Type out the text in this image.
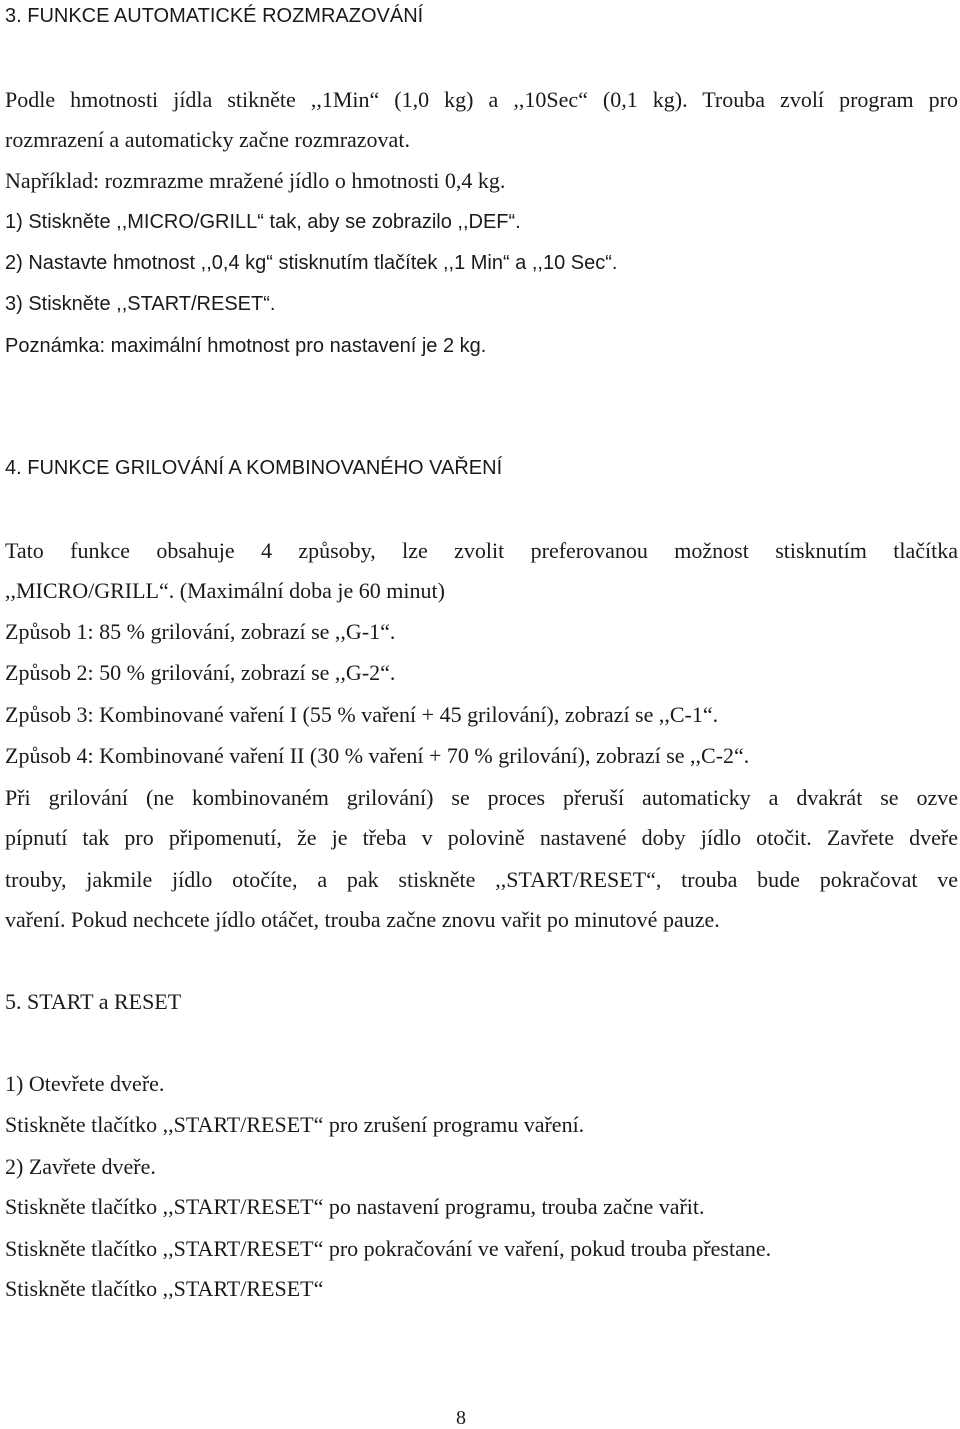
3. FUNKCE AUTOMATICKÉ ROZMRAZOVÁNÍ
Podle hmotnosti jídla stikněte ,,1Min“ (1,0 kg) a ,,10Sec“ (0,1 kg). Trouba zvolí program pro
rozmrazení a automaticky začne rozmrazovat.
Například: rozmrazme mražené jídlo o hmotnosti 0,4 kg.
1) Stiskněte ,,MICRO/GRILL“ tak, aby se zobrazilo ,,DEF“.
2) Nastavte hmotnost ,,0,4 kg“ stisknutím tlačítek ,,1 Min“ a ,,10 Sec“.
3) Stiskněte ,,START/RESET“.
Poznámka: maximální hmotnost pro nastavení je 2 kg.
4. FUNKCE GRILOVÁNÍ A KOMBINOVANÉHO VAŘENÍ
Tato funkce obsahuje 4 způsoby, lze zvolit preferovanou možnost stisknutím tlačítka
,,MICRO/GRILL“. (Maximální doba je 60 minut)
Způsob 1: 85 % grilování, zobrazí se ,,G-1“.
Způsob 2: 50 % grilování, zobrazí se ,,G-2“.
Způsob 3: Kombinované vaření I (55 % vaření + 45 grilování), zobrazí se ,,C-1“.
Způsob 4: Kombinované vaření II (30 % vaření + 70 % grilování), zobrazí se ,,C-2“.
Při grilování (ne kombinovaném grilování) se proces přeruší automaticky a dvakrát se ozve
pípnutí tak pro připomenutí, že je třeba v polovině nastavené doby jídlo otočit. Zavřete dveře
trouby, jakmile jídlo otočíte, a pak stiskněte ,,START/RESET“, trouba bude pokračovat ve
vaření. Pokud nechcete jídlo otáčet, trouba začne znovu vařit po minutové pauze.
5. START a RESET
1) Otevřete dveře.
Stiskněte tlačítko ,,START/RESET“ pro zrušení programu vaření.
2) Zavřete dveře.
Stiskněte tlačítko ,,START/RESET“ po nastavení programu, trouba začne vařit.
Stiskněte tlačítko ,,START/RESET“ pro pokračování ve vaření, pokud trouba přestane.
Stiskněte tlačítko ,,START/RESET“
8
